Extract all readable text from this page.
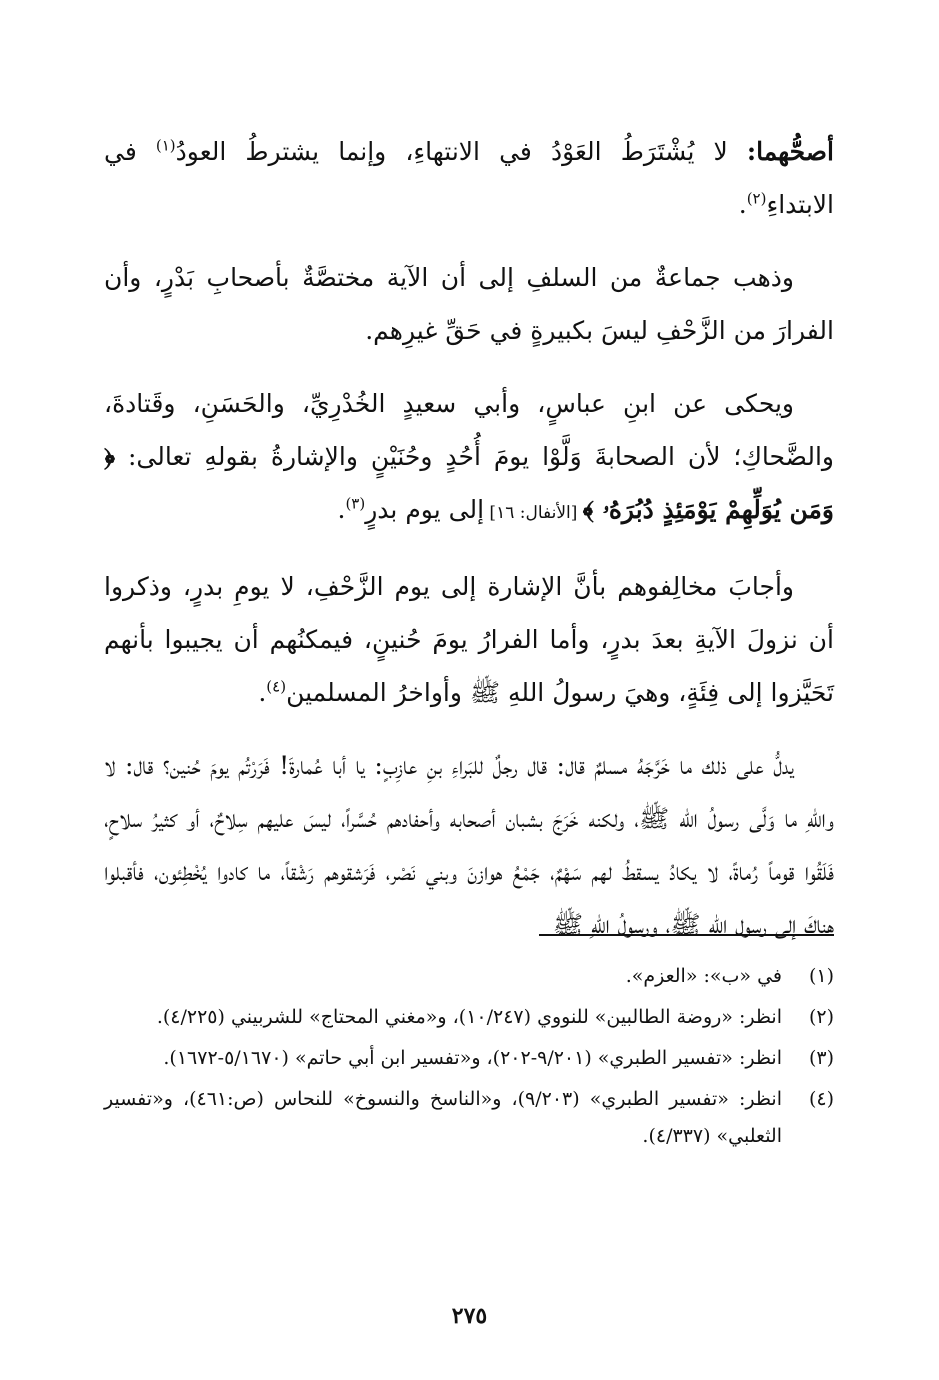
أصحُّهما: لا يُشْتَرَطُ العَوْدُ في الانتهاءِ، وإنما يشترطُ العودُ$^{(١)}$ في الابتداءِ$^{(٢)}$.

وذهب جماعةٌ من السلفِ إلى أن الآية مختصَّةٌ بأصحابِ بَدْرٍ، وأن الفرارَ من الزَّحْفِ ليسَ بكبيرةٍ في حَقِّ غيرِهم.

ويحكى عن ابنِ عباسٍ، وأبي سعيدٍ الخُدْرِيِّ، والحَسَنِ، وقَتادةَ، والضَّحاكِ؛ لأن الصحابةَ وَلَّوْا يومَ أُحُدٍ وحُنَيْنٍ والإشارةُ بقولهِ تعالى: ﴿ وَمَن يُوَلِّهِمْ يَوْمَئِذٍ دُبُرَهُۥ ﴾ [الأنفال: ١٦] إلى يوم بدرٍ$^{(٣)}$.

وأجابَ مخالِفوهم بأنَّ الإشارة إلى يوم الزَّحْفِ، لا يومِ بدرٍ، وذكروا أن نزولَ الآيةِ بعدَ بدرٍ، وأما الفرارُ يومَ حُنينٍ، فيمكنُهم أن يجيبوا بأنهم تَحَيَّزوا إلى فِئَةٍ، وهيَ رسولُ اللهِ ﷺ وأواخرُ المسلمين$^{(٤)}$.

يدلُّ على ذلك ما خَرَّجَهُ مسلمٌ قال: قال رجلٌ للبَراءِ بنِ عازِبٍ: يا أبا عُمارةَ! فَرَرْتُم يومَ حُنين؟ قال: لا واللهِ ما وَلَّى رسولُ الله ﷺ، ولكنه خَرَجَ بشبان أصحابه وأحفادهم حُسَّراً، ليسَ عليهم سِلاحٌ، أو كثيرُ سلاحٍ، فَلَقُوا قوماً رُماةً، لا يكادُ يسقطُ لهم سَهْمٌ، جَمْعُ هوازنَ وبني نَصْر، فَرَشقوهم رَشْقاً، ما كادوا يُخْطِئون، فأقبلوا هناكَ إلى رسول الله ﷺ، ورسولُ اللهِ ﷺ

(١)
في «ب»: «العزم».
(٢)
انظر: «روضة الطالبين» للنووي (١٠/٢٤٧)، و«مغني المحتاج» للشربيني (٤/٢٢٥).
(٣)
انظر: «تفسير الطبري» (٩/٢٠١-٢٠٢)، و«تفسير ابن أبي حاتم» (٥/١٦٧٠-١٦٧٢).
(٤)
انظر: «تفسير الطبري» (٩/٢٠٣)، و«الناسخ والنسوخ» للنحاس (ص:٤٦١)، و«تفسير الثعلبي» (٤/٣٣٧).
٢٧٥
